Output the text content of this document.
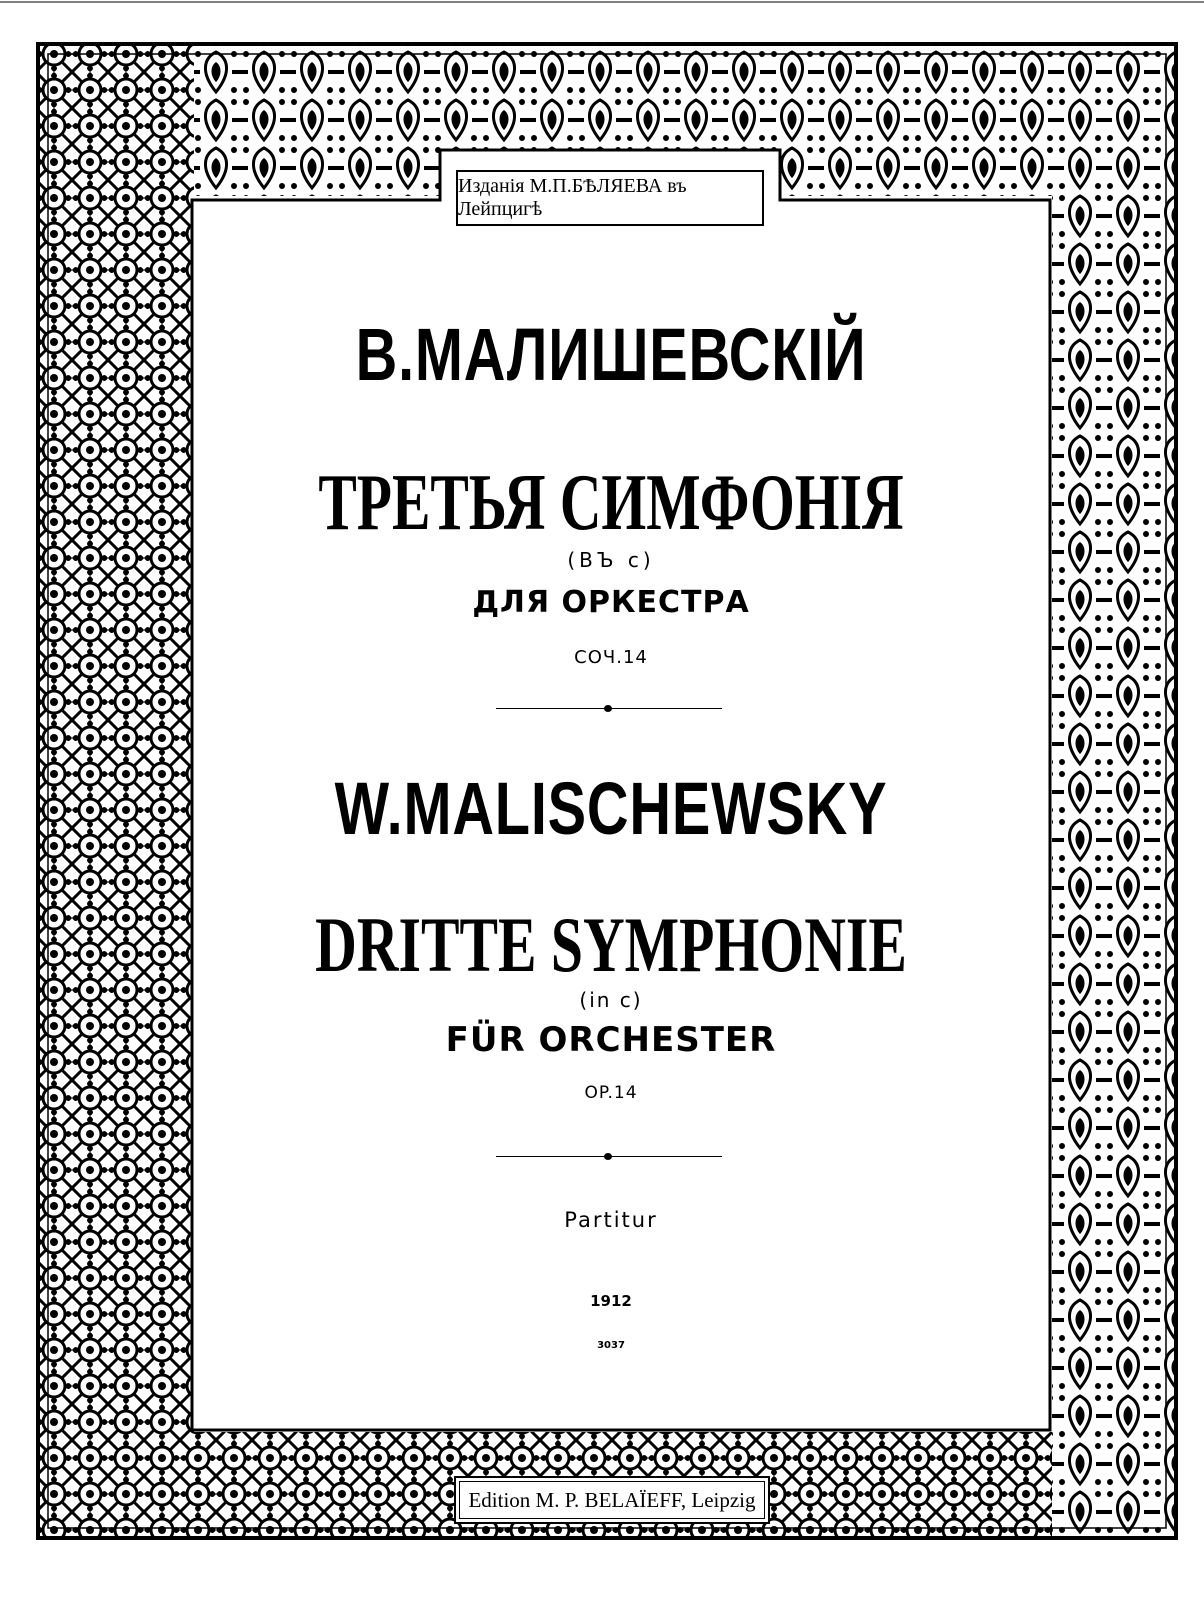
Изданія М.П.БѢЛЯЕВА въ Лейпцигѣ
В.МАЛИШЕВСКІЙ
ТРЕТЬЯ СИМФОНІЯ
(ВЪ с)
ДЛЯ ОРКЕСТРА
СОЧ.14
W.MALISCHEWSKY
DRITTE SYMPHONIE
(in c)
FÜR ORCHESTER
OP.14
Partitur
1912
3037
Edition M. P. BELAÏEFF, Leipzig
